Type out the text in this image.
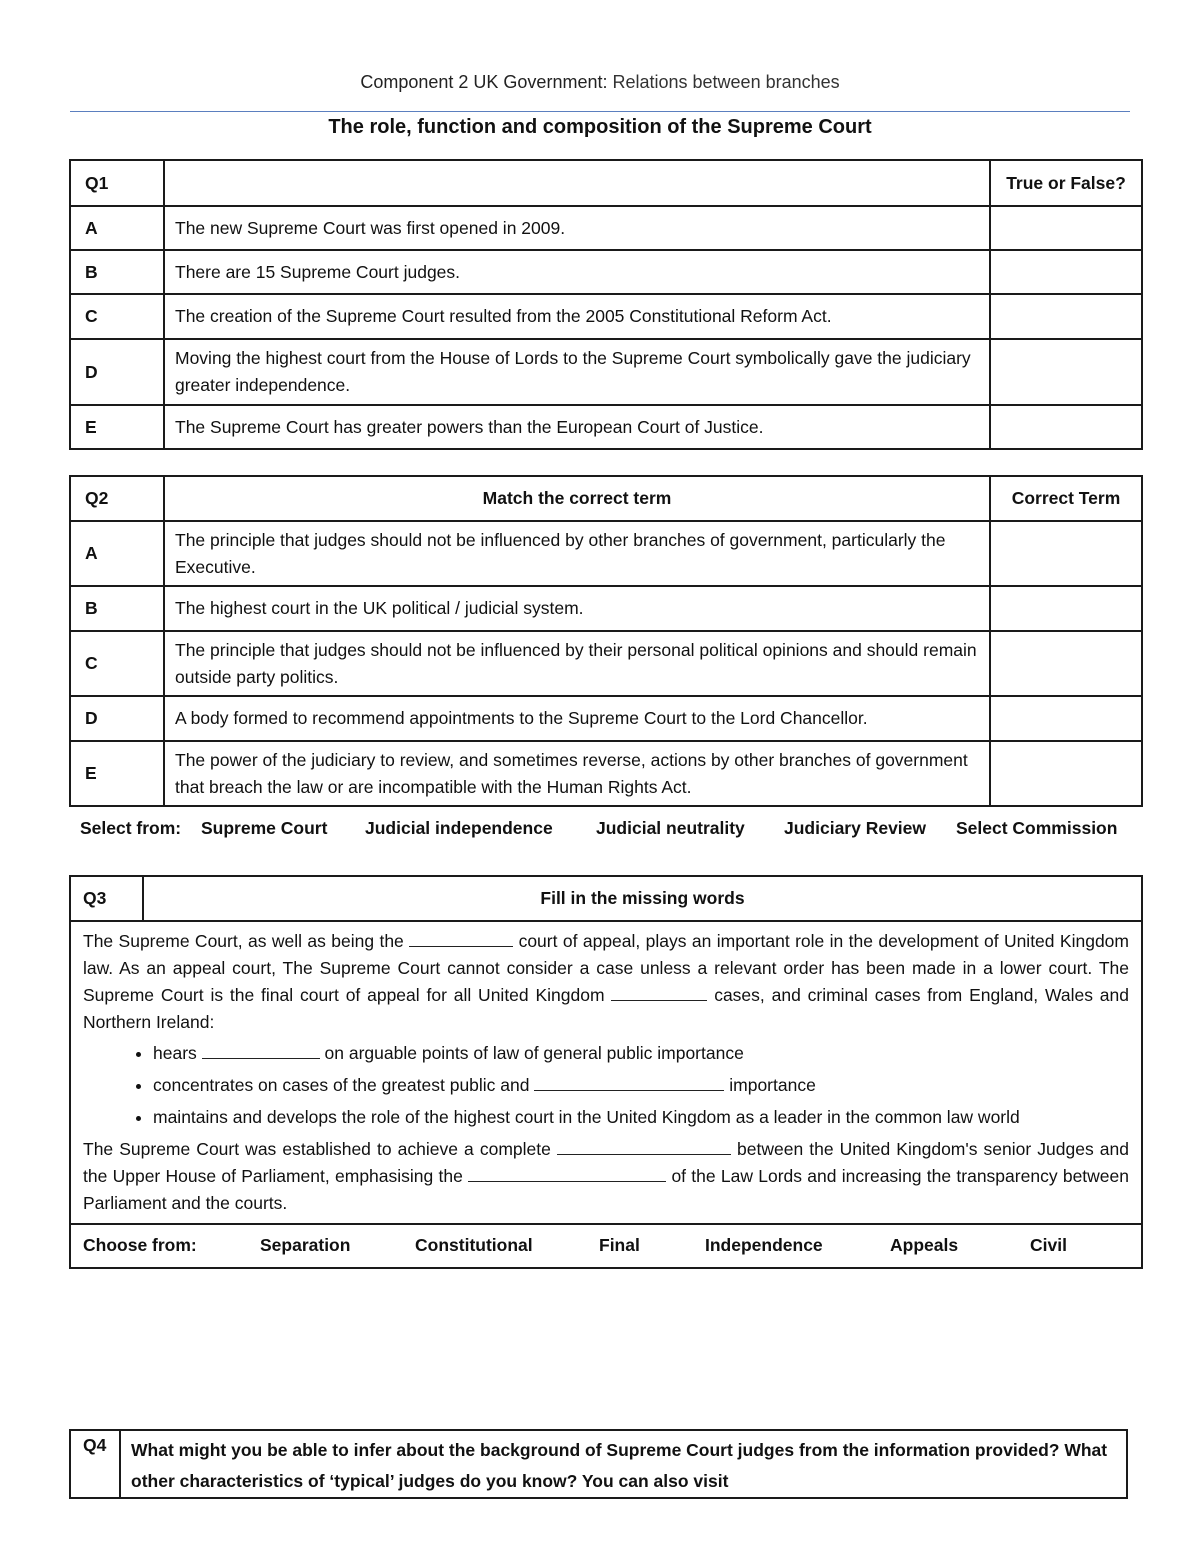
Component 2 UK Government: Relations between branches
The role, function and composition of the Supreme Court
Q1		True or False?
A	The new Supreme Court was first opened in 2009.	
B	There are 15 Supreme Court judges.	
C	The creation of the Supreme Court resulted from the 2005 Constitutional Reform Act.	
D	Moving the highest court from the House of Lords to the Supreme Court symbolically gave the judiciary greater independence.	
E	The Supreme Court has greater powers than the European Court of Justice.	
Q2	Match the correct term	Correct Term
A	The principle that judges should not be influenced by other branches of government, particularly the Executive.	
B	The highest court in the UK political / judicial system.	
C	The principle that judges should not be influenced by their personal political opinions and should remain outside party politics.	
D	A body formed to recommend appointments to the Supreme Court to the Lord Chancellor.	
E	The power of the judiciary to review, and sometimes reverse, actions by other branches of government that breach the law or are incompatible with the Human Rights Act.	
Select from: Supreme Court Judicial independence Judicial neutrality Judiciary Review Select Commission
Q3	Fill in the missing words

The Supreme Court, as well as being the	court of appeal, plays an important role in the development of United Kingdom law. As an appeal court, The Supreme Court cannot consider a case unless a relevant order has been made in a lower court. The Supreme Court is the final court of appeal for all United Kingdom	cases, and criminal cases from England, Wales and Northern Ireland:
• hears	on arguable points of law of general public importance
• concentrates on cases of the greatest public and	importance
• maintains and develops the role of the highest court in the United Kingdom as a leader in the common law world
The Supreme Court was established to achieve a complete	between the United Kingdom's senior Judges and the Upper House of Parliament, emphasising the	of the Law Lords and increasing the transparency between Parliament and the courts.

Choose from:	Separation	Constitutional	Final	Independence	Appeals	Civil
Q4	What might you be able to infer about the background of Supreme Court judges from the information provided? What other characteristics of ‘typical’ judges do you know? You can also visit
